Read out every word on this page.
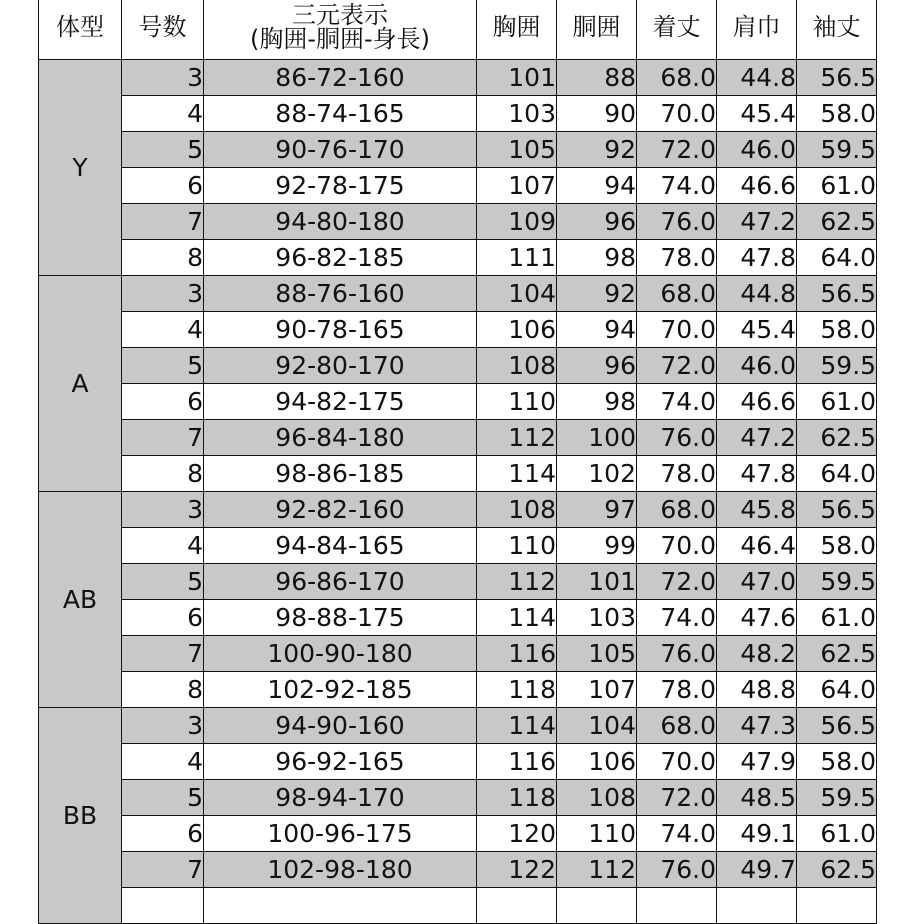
体型	号数	三元表示
(胸囲-胴囲-身長)	胸囲	胴囲	着丈	肩巾	袖丈
Y	3	86-72-160	101	88	68.0	44.8	56.5
	4	88-74-165	103	90	70.0	45.4	58.0
	5	90-76-170	105	92	72.0	46.0	59.5
	6	92-78-175	107	94	74.0	46.6	61.0
	7	94-80-180	109	96	76.0	47.2	62.5
	8	96-82-185	111	98	78.0	47.8	64.0
A	3	88-76-160	104	92	68.0	44.8	56.5
	4	90-78-165	106	94	70.0	45.4	58.0
	5	92-80-170	108	96	72.0	46.0	59.5
	6	94-82-175	110	98	74.0	46.6	61.0
	7	96-84-180	112	100	76.0	47.2	62.5
	8	98-86-185	114	102	78.0	47.8	64.0
AB	3	92-82-160	108	97	68.0	45.8	56.5
	4	94-84-165	110	99	70.0	46.4	58.0
	5	96-86-170	112	101	72.0	47.0	59.5
	6	98-88-175	114	103	74.0	47.6	61.0
	7	100-90-180	116	105	76.0	48.2	62.5
	8	102-92-185	118	107	78.0	48.8	64.0
BB	3	94-90-160	114	104	68.0	47.3	56.5
	4	96-92-165	116	106	70.0	47.9	58.0
	5	98-94-170	118	108	72.0	48.5	59.5
	6	100-96-175	120	110	74.0	49.1	61.0
	7	102-98-180	122	112	76.0	49.7	62.5
